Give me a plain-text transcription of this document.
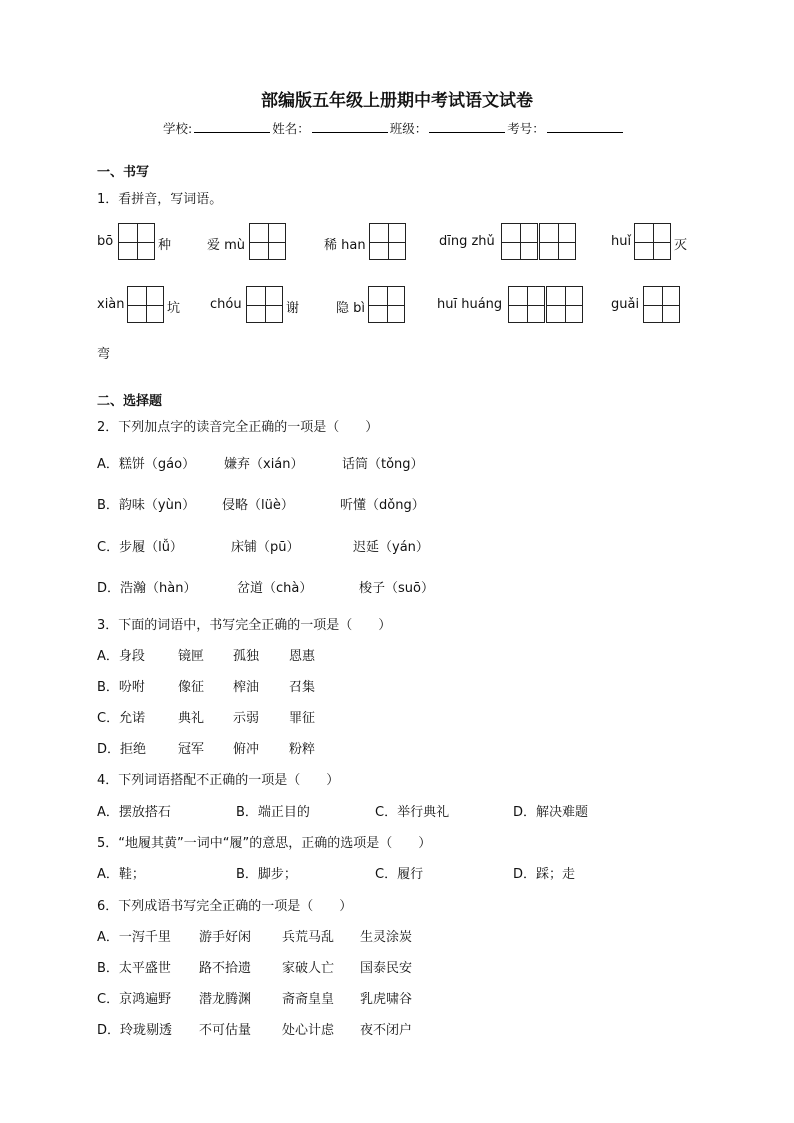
部编版五年级上册期中考试语文试卷
学校:	姓名：	班级：	考号：
一、书写
1．看拼音，写词语。
bō	种	爱 mù	稀 han	dīng zhǔ	huǐ	灭
xiàn	坑 chóu	谢	隐 bì	huī huáng	guǎi
弯
二、选择题
2．下列加点字的读音完全正确的一项是（　　）
A．糕饼（gáo） 嫌弃（xián）	话筒（tǒng）
B．韵味（yùn） 侵略（lüè）	听懂（dǒng）
C．步履（lǚ）	床铺（pū）	迟延（yán）
D．浩瀚（hàn）	岔道（chà）	梭子（suō）
3．下面的词语中，书写完全正确的一项是（　　）
A．身段	镜匣 孤独 恩惠
B．吩咐	像征 榨油 召集
C．允诺	典礼 示弱 罪征
D．拒绝 冠军 俯冲 粉粹
4．下列词语搭配不正确的一项是（　　）
A．摆放搭石	B．端正目的	C．举行典礼	D．解决难题
5．“地履其黄”一词中“履”的意思，正确的选项是（　　）
A．鞋；	B．脚步；	C．履行	D．踩；走
6．下列成语书写完全正确的一项是（　　）
A．一泻千里 游手好闲 兵荒马乱 生灵涂炭
B．太平盛世 路不拾遗 家破人亡 国泰民安
C．京鸿遍野 潜龙腾渊 斋斋皇皇 乳虎啸谷
D．玲珑剔透 不可估量 处心计虑 夜不闭户
